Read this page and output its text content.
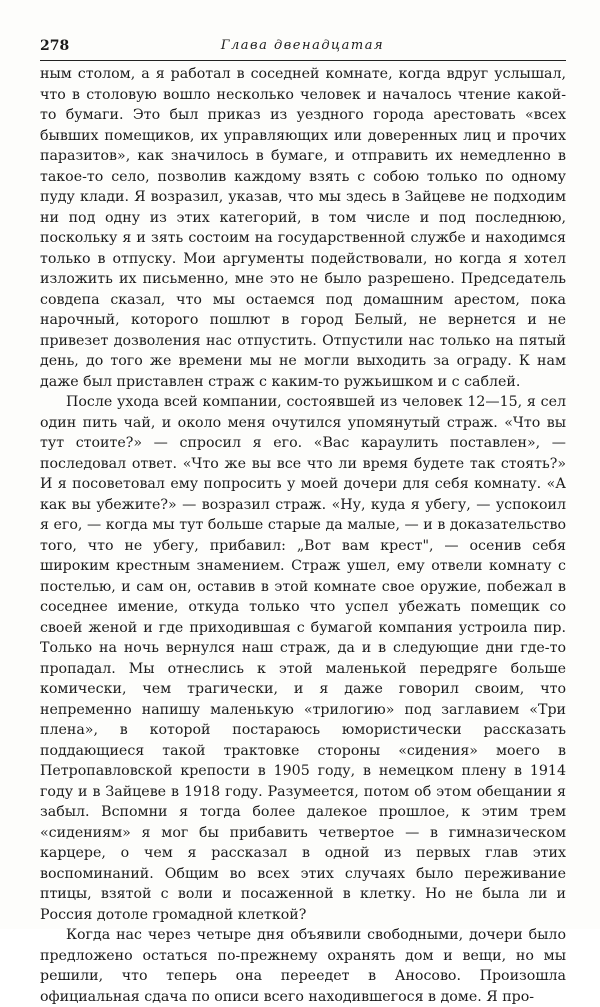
278	Глава двенадцатая

ным столом, а я работал в соседней комнате, когда вдруг услышал, что в столовую вошло несколько человек и началось чтение какой-то бумаги. Это был приказ из уездного города арестовать «всех бывших помещиков, их управляющих или доверенных лиц и прочих паразитов», как значилось в бумаге, и отправить их немедленно в такое-то село, позволив каждому взять с собою только по одному пуду клади. Я возразил, указав, что мы здесь в Зайцеве не подходим ни под одну из этих категорий, в том числе и под последнюю, поскольку я и зять состоим на государственной службе и находимся только в отпуску. Мои аргументы подействовали, но когда я хотел изложить их письменно, мне это не было разрешено. Председатель совдепа сказал, что мы остаемся под домашним арестом, пока нарочный, которого пошлют в город Белый, не вернется и не привезет дозволения нас отпустить. Отпустили нас только на пятый день, до того же времени мы не могли выходить за ограду. К нам даже был приставлен страж с каким-то ружьишком и с саблей.

После ухода всей компании, состоявшей из человек 12—15, я сел один пить чай, и около меня очутился упомянутый страж. «Что вы тут стоите?» — спросил я его. «Вас караулить поставлен», — последовал ответ. «Что же вы все что ли время будете так стоять?» И я посоветовал ему попросить у моей дочери для себя комнату. «А как вы убежите?» — возразил страж. «Ну, куда я убегу, — успокоил я его, — когда мы тут больше старые да малые, — и в доказательство того, что не убегу, прибавил: „Вот вам крест", — осенив себя широким крестным знамением. Страж ушел, ему отвели комнату с постелью, и сам он, оставив в этой комнате свое оружие, побежал в соседнее имение, откуда только что успел убежать помещик со своей женой и где приходившая с бумагой компания устроила пир. Только на ночь вернулся наш страж, да и в следующие дни где-то пропадал. Мы отнеслись к этой маленькой передряге больше комически, чем трагически, и я даже говорил своим, что непременно напишу маленькую «трилогию» под заглавием «Три плена», в которой постараюсь юмористически рассказать поддающиеся такой трактовке стороны «сидения» моего в Петропавловской крепости в 1905 году, в немецком плену в 1914 году и в Зайцеве в 1918 году. Разумеется, потом об этом обещании я забыл. Вспомни я тогда более далекое прошлое, к этим трем «сидениям» я мог бы прибавить четвертое — в гимназическом карцере, о чем я рассказал в одной из первых глав этих воспоминаний. Общим во всех этих случаях было переживание птицы, взятой с воли и посаженной в клетку. Но не была ли и Россия дотоле громадной клеткой?

Когда нас через четыре дня объявили свободными, дочери было предложено остаться по-прежнему охранять дом и вещи, но мы решили, что теперь она переедет в Аносово. Произошла официальная сдача по описи всего находившегося в доме. Я про-
